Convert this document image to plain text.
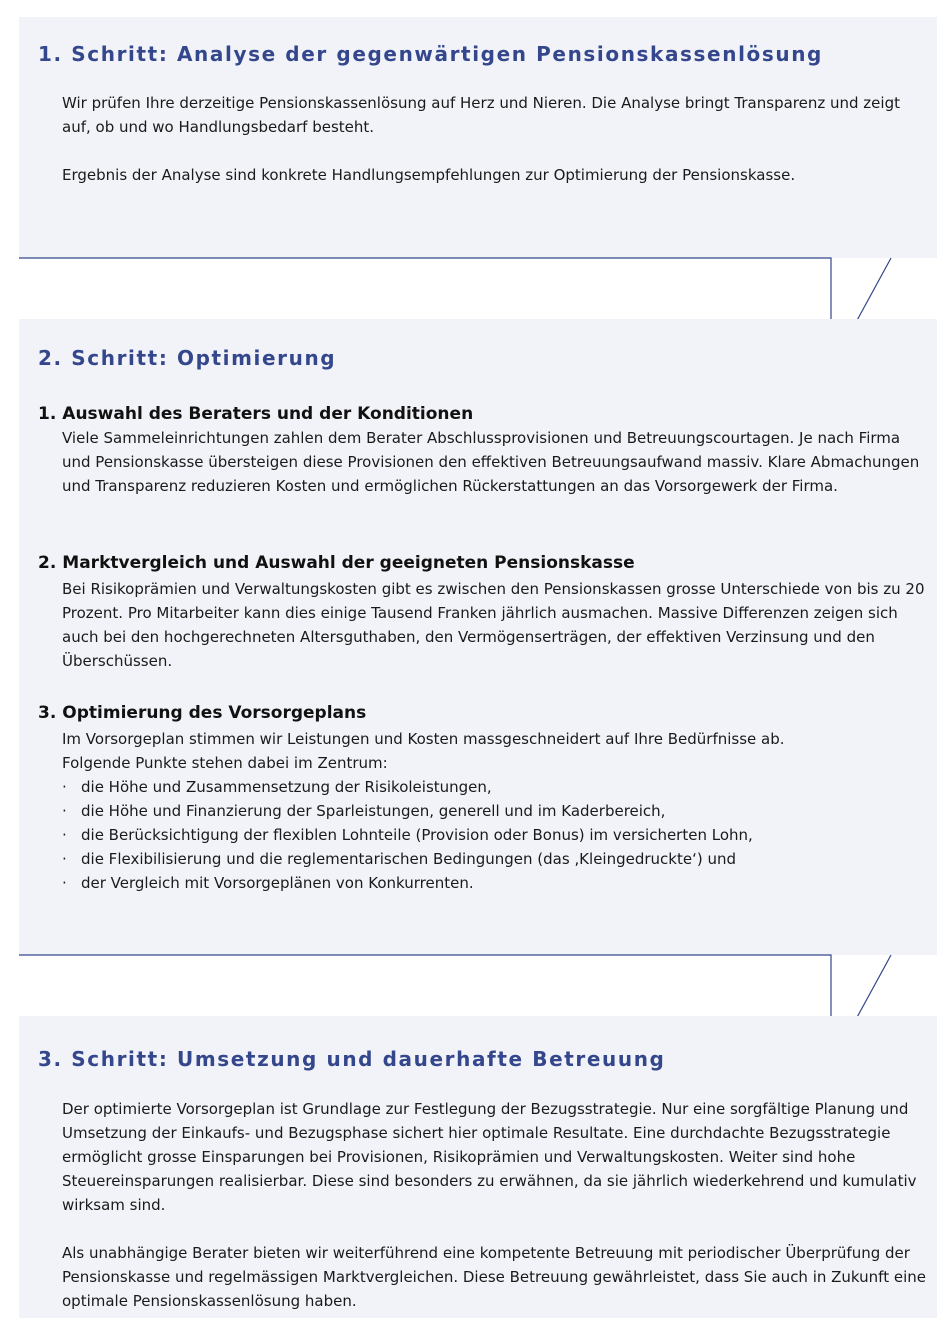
1. Schritt: Analyse der gegenwärtigen Pensionskassenlösung

Wir prüfen Ihre derzeitige Pensionskassenlösung auf Herz und Nieren. Die Analyse bringt Transparenz und zeigt auf, ob und wo Handlungsbedarf besteht.

Ergebnis der Analyse sind konkrete Handlungsempfehlungen zur Optimierung der Pensionskasse.

2. Schritt: Optimierung
1. Auswahl des Beraters und der Konditionen

Viele Sammeleinrichtungen zahlen dem Berater Abschlussprovisionen und Betreuungscourtagen. Je nach Firma und Pensionskasse übersteigen diese Provisionen den effektiven Betreuungsaufwand massiv. Klare Abmachungen und Transparenz reduzieren Kosten und ermöglichen Rückerstattungen an das Vorsorgewerk der Firma.

2. Marktvergleich und Auswahl der geeigneten Pensionskasse

Bei Risikoprämien und Verwaltungskosten gibt es zwischen den Pensionskassen grosse Unterschiede von bis zu 20 Prozent. Pro Mitarbeiter kann dies einige Tausend Franken jährlich ausmachen. Massive Differenzen zeigen sich auch bei den hochgerechneten Altersguthaben, den Vermögenserträgen, der effektiven Verzinsung und den Überschüssen.

3. Optimierung des Vorsorgeplans

Im Vorsorgeplan stimmen wir Leistungen und Kosten massgeschneidert auf Ihre Bedürfnisse ab. Folgende Punkte stehen dabei im Zentrum:

· die Höhe und Zusammensetzung der Risikoleistungen,
· die Höhe und Finanzierung der Sparleistungen, generell und im Kaderbereich,
· die Berücksichtigung der flexiblen Lohnteile (Provision oder Bonus) im versicherten Lohn,
· die Flexibilisierung und die reglementarischen Bedingungen (das ‚Kleingedruckte‘) und
· der Vergleich mit Vorsorgeplänen von Konkurrenten.
3. Schritt: Umsetzung und dauerhafte Betreuung

Der optimierte Vorsorgeplan ist Grundlage zur Festlegung der Bezugsstrategie. Nur eine sorgfältige Planung und Umsetzung der Einkaufs- und Bezugsphase sichert hier optimale Resultate. Eine durchdachte Bezugsstrategie ermöglicht grosse Einsparungen bei Provisionen, Risikoprämien und Verwaltungskosten. Weiter sind hohe Steuereinsparungen realisierbar. Diese sind besonders zu erwähnen, da sie jährlich wiederkehrend und kumulativ wirksam sind.

Als unabhängige Berater bieten wir weiterführend eine kompetente Betreuung mit periodischer Überprüfung der Pensionskasse und regelmässigen Marktvergleichen. Diese Betreuung gewährleistet, dass Sie auch in Zukunft eine optimale Pensionskassenlösung haben.
